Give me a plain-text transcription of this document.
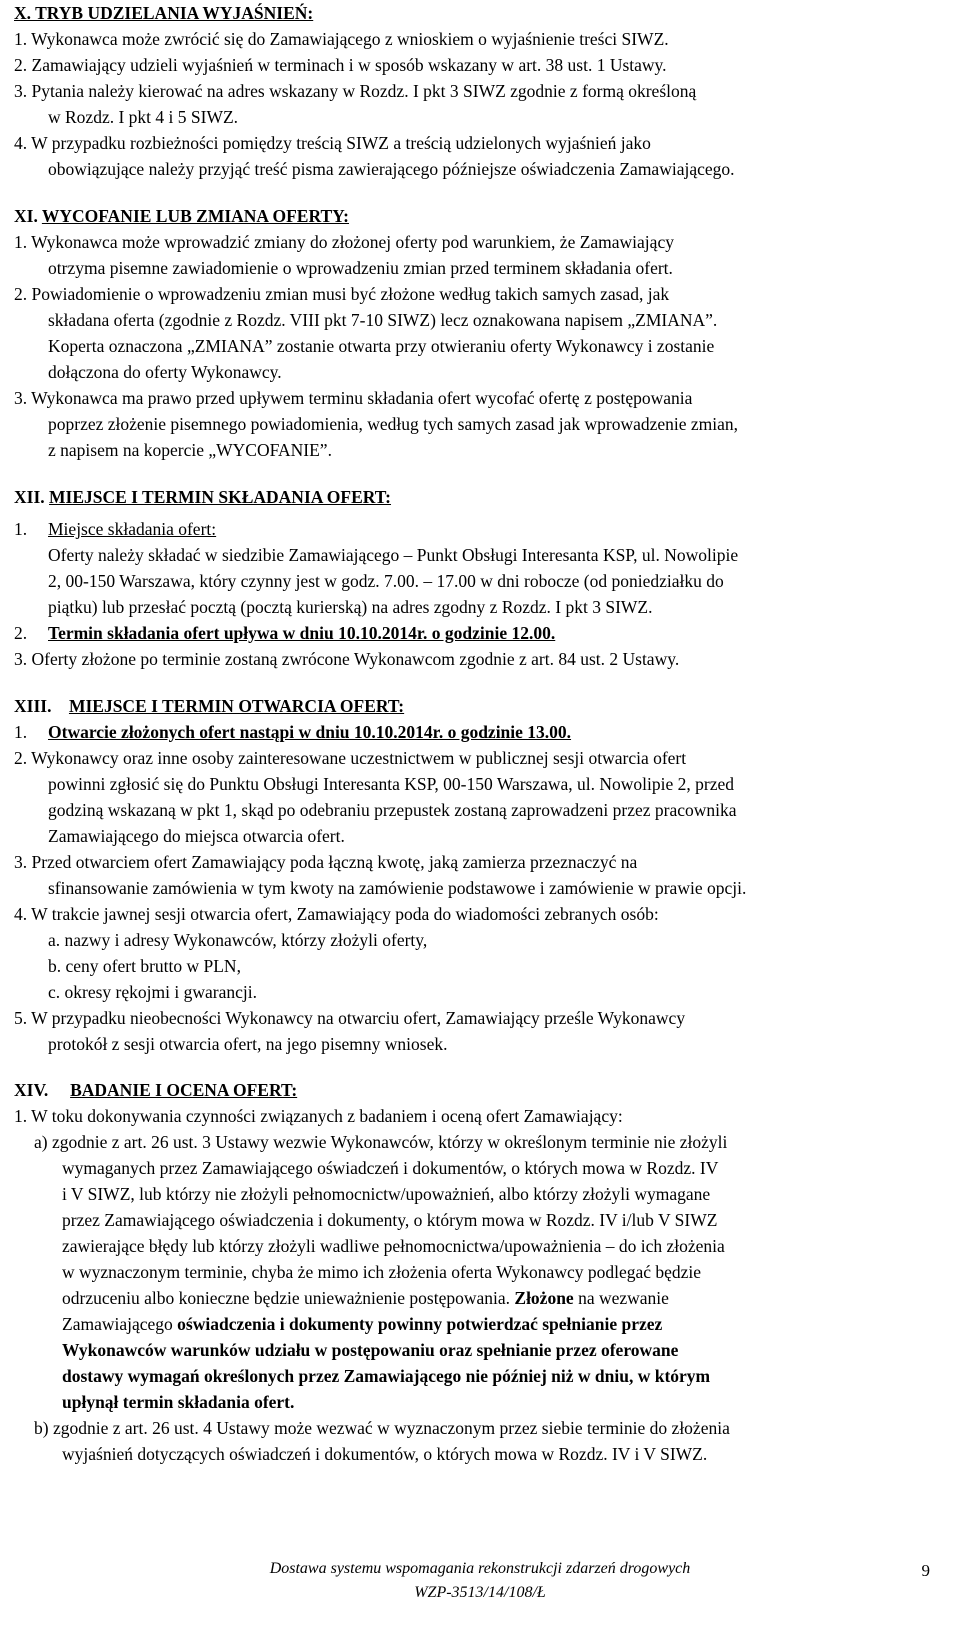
X. TRYB UDZIELANIA WYJAŚNIEŃ:
1. Wykonawca może zwrócić się do Zamawiającego z wnioskiem o wyjaśnienie treści SIWZ.
2. Zamawiający udzieli wyjaśnień w terminach i w sposób wskazany w art. 38 ust. 1 Ustawy.
3. Pytania należy kierować na adres wskazany w Rozdz. I pkt 3 SIWZ zgodnie z formą określoną
w Rozdz. I pkt 4 i 5 SIWZ.
4. W przypadku rozbieżności pomiędzy treścią SIWZ a treścią udzielonych wyjaśnień jako
obowiązujące należy przyjąć treść pisma zawierającego późniejsze oświadczenia Zamawiającego.
XI. WYCOFANIE LUB ZMIANA OFERTY:
1. Wykonawca może wprowadzić zmiany do złożonej oferty pod warunkiem, że Zamawiający
otrzyma pisemne zawiadomienie o wprowadzeniu zmian przed terminem składania ofert.
2. Powiadomienie o wprowadzeniu zmian musi być złożone według takich samych zasad, jak
składana oferta (zgodnie z Rozdz. VIII pkt 7-10 SIWZ) lecz oznakowana napisem „ZMIANA”.
Koperta oznaczona „ZMIANA” zostanie otwarta przy otwieraniu oferty Wykonawcy i zostanie
dołączona do oferty Wykonawcy.
3. Wykonawca ma prawo przed upływem terminu składania ofert wycofać ofertę z postępowania
poprzez złożenie pisemnego powiadomienia, według tych samych zasad jak wprowadzenie zmian,
z napisem na kopercie „WYCOFANIE”.
XII. MIEJSCE I TERMIN SKŁADANIA OFERT:
1. Miejsce składania ofert:
Oferty należy składać w siedzibie Zamawiającego – Punkt Obsługi Interesanta KSP, ul. Nowolipie
2, 00-150 Warszawa, który czynny jest w godz. 7.00. – 17.00 w dni robocze (od poniedziałku do
piątku) lub przesłać pocztą (pocztą kurierską) na adres zgodny z Rozdz. I pkt 3 SIWZ.
2. Termin składania ofert upływa w dniu 10.10.2014r. o godzinie 12.00.
3. Oferty złożone po terminie zostaną zwrócone Wykonawcom zgodnie z art. 84 ust. 2 Ustawy.
XIII. MIEJSCE I TERMIN OTWARCIA OFERT:
1. Otwarcie złożonych ofert nastąpi w dniu 10.10.2014r. o godzinie 13.00.
2. Wykonawcy oraz inne osoby zainteresowane uczestnictwem w publicznej sesji otwarcia ofert
powinni zgłosić się do Punktu Obsługi Interesanta KSP, 00-150 Warszawa, ul. Nowolipie 2, przed
godziną wskazaną w pkt 1, skąd po odebraniu przepustek zostaną zaprowadzeni przez pracownika
Zamawiającego do miejsca otwarcia ofert.
3. Przed otwarciem ofert Zamawiający poda łączną kwotę, jaką zamierza przeznaczyć na
sfinansowanie zamówienia w tym kwoty na zamówienie podstawowe i zamówienie w prawie opcji.
4. W trakcie jawnej sesji otwarcia ofert, Zamawiający poda do wiadomości zebranych osób:
a. nazwy i adresy Wykonawców, którzy złożyli oferty,
b. ceny ofert brutto w PLN,
c. okresy rękojmi i gwarancji.
5. W przypadku nieobecności Wykonawcy na otwarciu ofert, Zamawiający prześle Wykonawcy
protokół z sesji otwarcia ofert, na jego pisemny wniosek.
XIV. BADANIE I OCENA OFERT:
1. W toku dokonywania czynności związanych z badaniem i oceną ofert Zamawiający:
a) zgodnie z art. 26 ust. 3 Ustawy wezwie Wykonawców, którzy w określonym terminie nie złożyli
wymaganych przez Zamawiającego oświadczeń i dokumentów, o których mowa w Rozdz. IV
i V SIWZ, lub którzy nie złożyli pełnomocnictw/upoważnień, albo którzy złożyli wymagane
przez Zamawiającego oświadczenia i dokumenty, o którym mowa w Rozdz. IV i/lub V SIWZ
zawierające błędy lub którzy złożyli wadliwe pełnomocnictwa/upoważnienia – do ich złożenia
w wyznaczonym terminie, chyba że mimo ich złożenia oferta Wykonawcy podlegać będzie
odrzuceniu albo konieczne będzie unieważnienie postępowania. Złożone na wezwanie
Zamawiającego oświadczenia i dokumenty powinny potwierdzać spełnianie przez
Wykonawców warunków udziału w postępowaniu oraz spełnianie przez oferowane
dostawy wymagań określonych przez Zamawiającego nie później niż w dniu, w którym
upłynął termin składania ofert.
b) zgodnie z art. 26 ust. 4 Ustawy może wezwać w wyznaczonym przez siebie terminie do złożenia
wyjaśnień dotyczących oświadczeń i dokumentów, o których mowa w Rozdz. IV i V SIWZ.
Dostawa systemu wspomagania rekonstrukcji zdarzeń drogowych
WZP-3513/14/108/Ł
9
